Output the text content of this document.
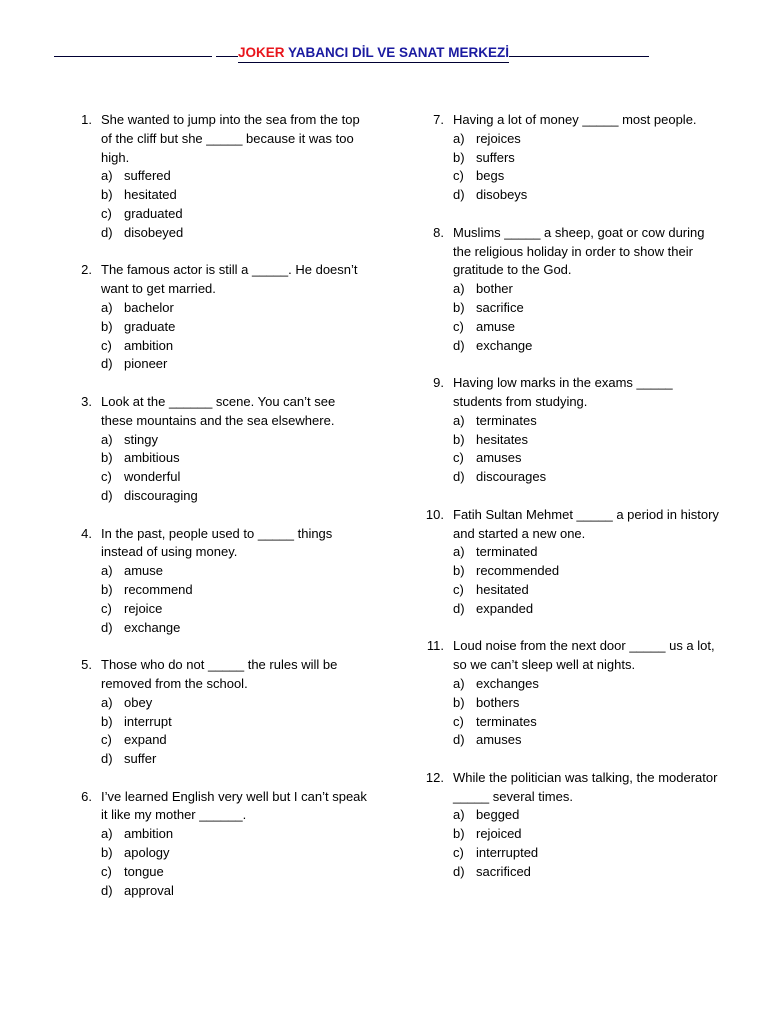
JOKER YABANCI DİL VE SANAT MERKEZİ
1. She wanted to jump into the sea from the top of the cliff but she _____ because it was too high.
a) suffered
b) hesitated
c) graduated
d) disobeyed
2. The famous actor is still a _____. He doesn’t want to get married.
a) bachelor
b) graduate
c) ambition
d) pioneer
3. Look at the ______ scene. You can’t see these mountains and the sea elsewhere.
a) stingy
b) ambitious
c) wonderful
d) discouraging
4. In the past, people used to _____ things instead of using money.
a) amuse
b) recommend
c) rejoice
d) exchange
5. Those who do not _____ the rules will be removed from the school.
a) obey
b) interrupt
c) expand
d) suffer
6. I’ve learned English very well but I can’t speak it like my mother ______.
a) ambition
b) apology
c) tongue
d) approval
7. Having a lot of money _____ most people.
a) rejoices
b) suffers
c) begs
d) disobeys
8. Muslims _____ a sheep, goat or cow during the religious holiday in order to show their gratitude to the God.
a) bother
b) sacrifice
c) amuse
d) exchange
9. Having low marks in the exams _____ students from studying.
a) terminates
b) hesitates
c) amuses
d) discourages
10. Fatih Sultan Mehmet _____ a period in history and started a new one.
a) terminated
b) recommended
c) hesitated
d) expanded
11. Loud noise from the next door _____ us a lot, so we can’t sleep well at nights.
a) exchanges
b) bothers
c) terminates
d) amuses
12. While the politician was talking, the moderator _____ several times.
a) begged
b) rejoiced
c) interrupted
d) sacrificed
